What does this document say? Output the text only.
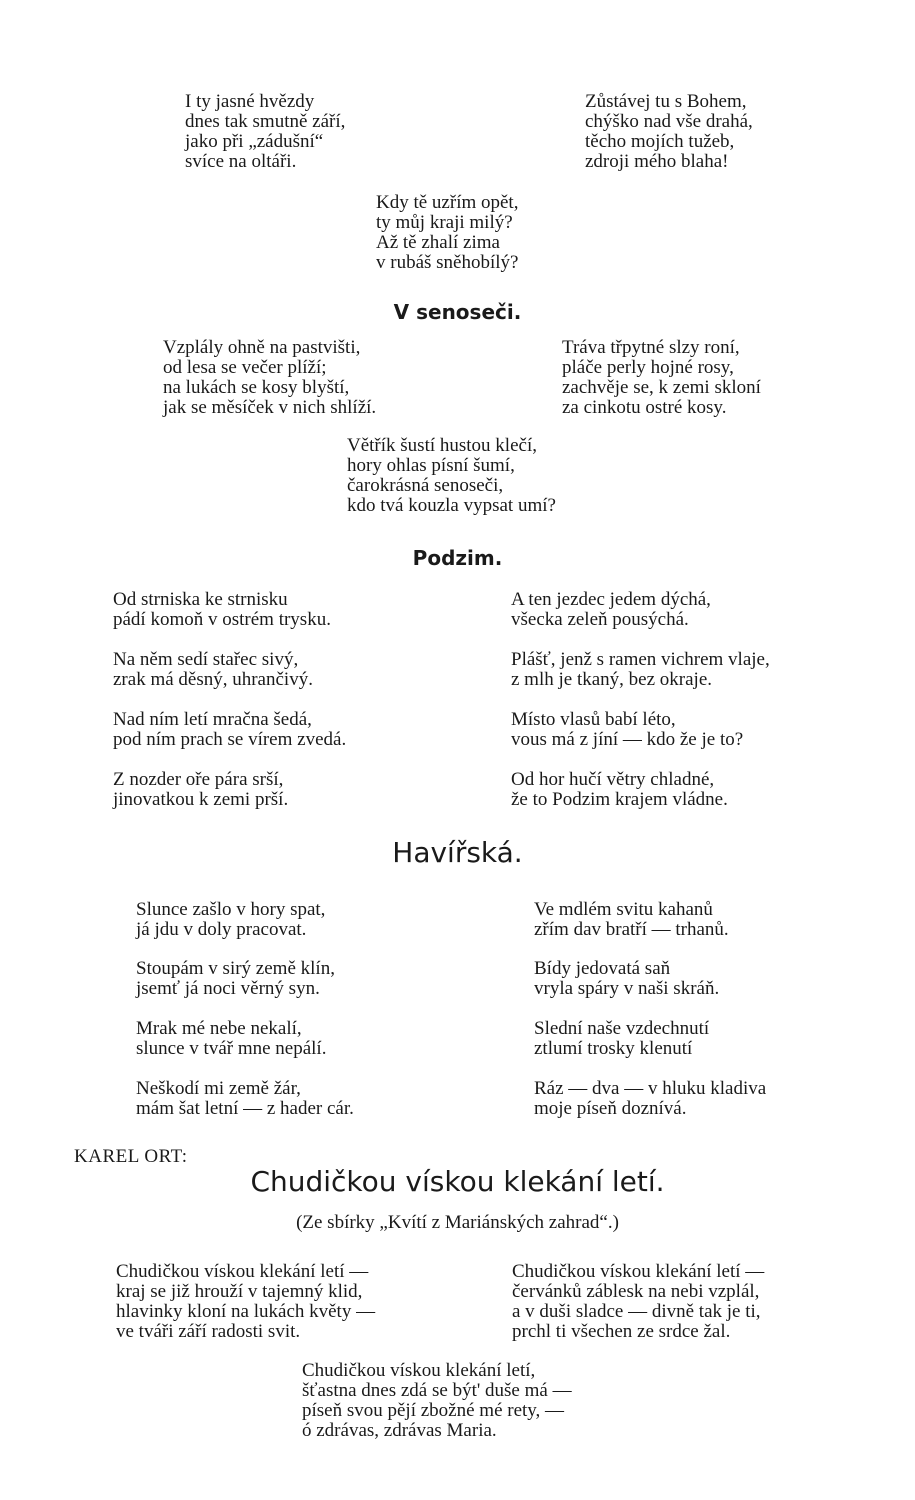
I ty jasné hvězdy
dnes tak smutně září,
jako při „zádušní“
svíce na oltáři.
Zůstávej tu s Bohem,
chýško nad vše drahá,
těcho mojích tužeb,
zdroji mého blaha!
Kdy tě uzřím opět,
ty můj kraji milý?
Až tě zhalí zima
v rubáš sněhobílý?
V senoseči.
Vzplály ohně na pastvišti,
od lesa se večer plíží;
na lukách se kosy blyští,
jak se měsíček v nich shlíží.
Tráva třpytné slzy roní,
pláče perly hojné rosy,
zachvěje se, k zemi skloní
za cinkotu ostré kosy.
Větřík šustí hustou klečí,
hory ohlas písní šumí,
čarokrásná senoseči,
kdo tvá kouzla vypsat umí?
Podzim.
Od strniska ke strnisku
pádí komoň v ostrém trysku.
Na něm sedí stařec sivý,
zrak má děsný, uhrančivý.
Nad ním letí mračna šedá,
pod ním prach se vírem zvedá.
Z nozder oře pára srší,
jinovatkou k zemi prší.
A ten jezdec jedem dýchá,
všecka zeleň pousýchá.
Plášť, jenž s ramen vichrem vlaje,
z mlh je tkaný, bez okraje.
Místo vlasů babí léto,
vous má z jíní — kdo že je to?
Od hor hučí větry chladné,
že to Podzim krajem vládne.
Havířská.
Slunce zašlo v hory spat,
já jdu v doly pracovat.
Stoupám v sirý země klín,
jsemť já noci věrný syn.
Mrak mé nebe nekalí,
slunce v tvář mne nepálí.
Neškodí mi země žár,
mám šat letní — z hader cár.
Ve mdlém svitu kahanů
zřím dav bratří — trhanů.
Bídy jedovatá saň
vryla spáry v naši skráň.
Slední naše vzdechnutí
ztlumí trosky klenutí
Ráz — dva — v hluku kladiva
moje píseň doznívá.
KAREL ORT:
Chudičkou vískou klekání letí.
(Ze sbírky „Kvítí z Mariánských zahrad“.)
Chudičkou vískou klekání letí —
kraj se již hrouží v tajemný klid,
hlavinky kloní na lukách květy —
ve tváři září radosti svit.
Chudičkou vískou klekání letí —
červánků záblesk na nebi vzplál,
a v duši sladce — divně tak je ti,
prchl ti všechen ze srdce žal.
Chudičkou vískou klekání letí,
šťastna dnes zdá se být' duše má —
píseň svou pějí zbožné mé rety, —
ó zdrávas, zdrávas Maria.
